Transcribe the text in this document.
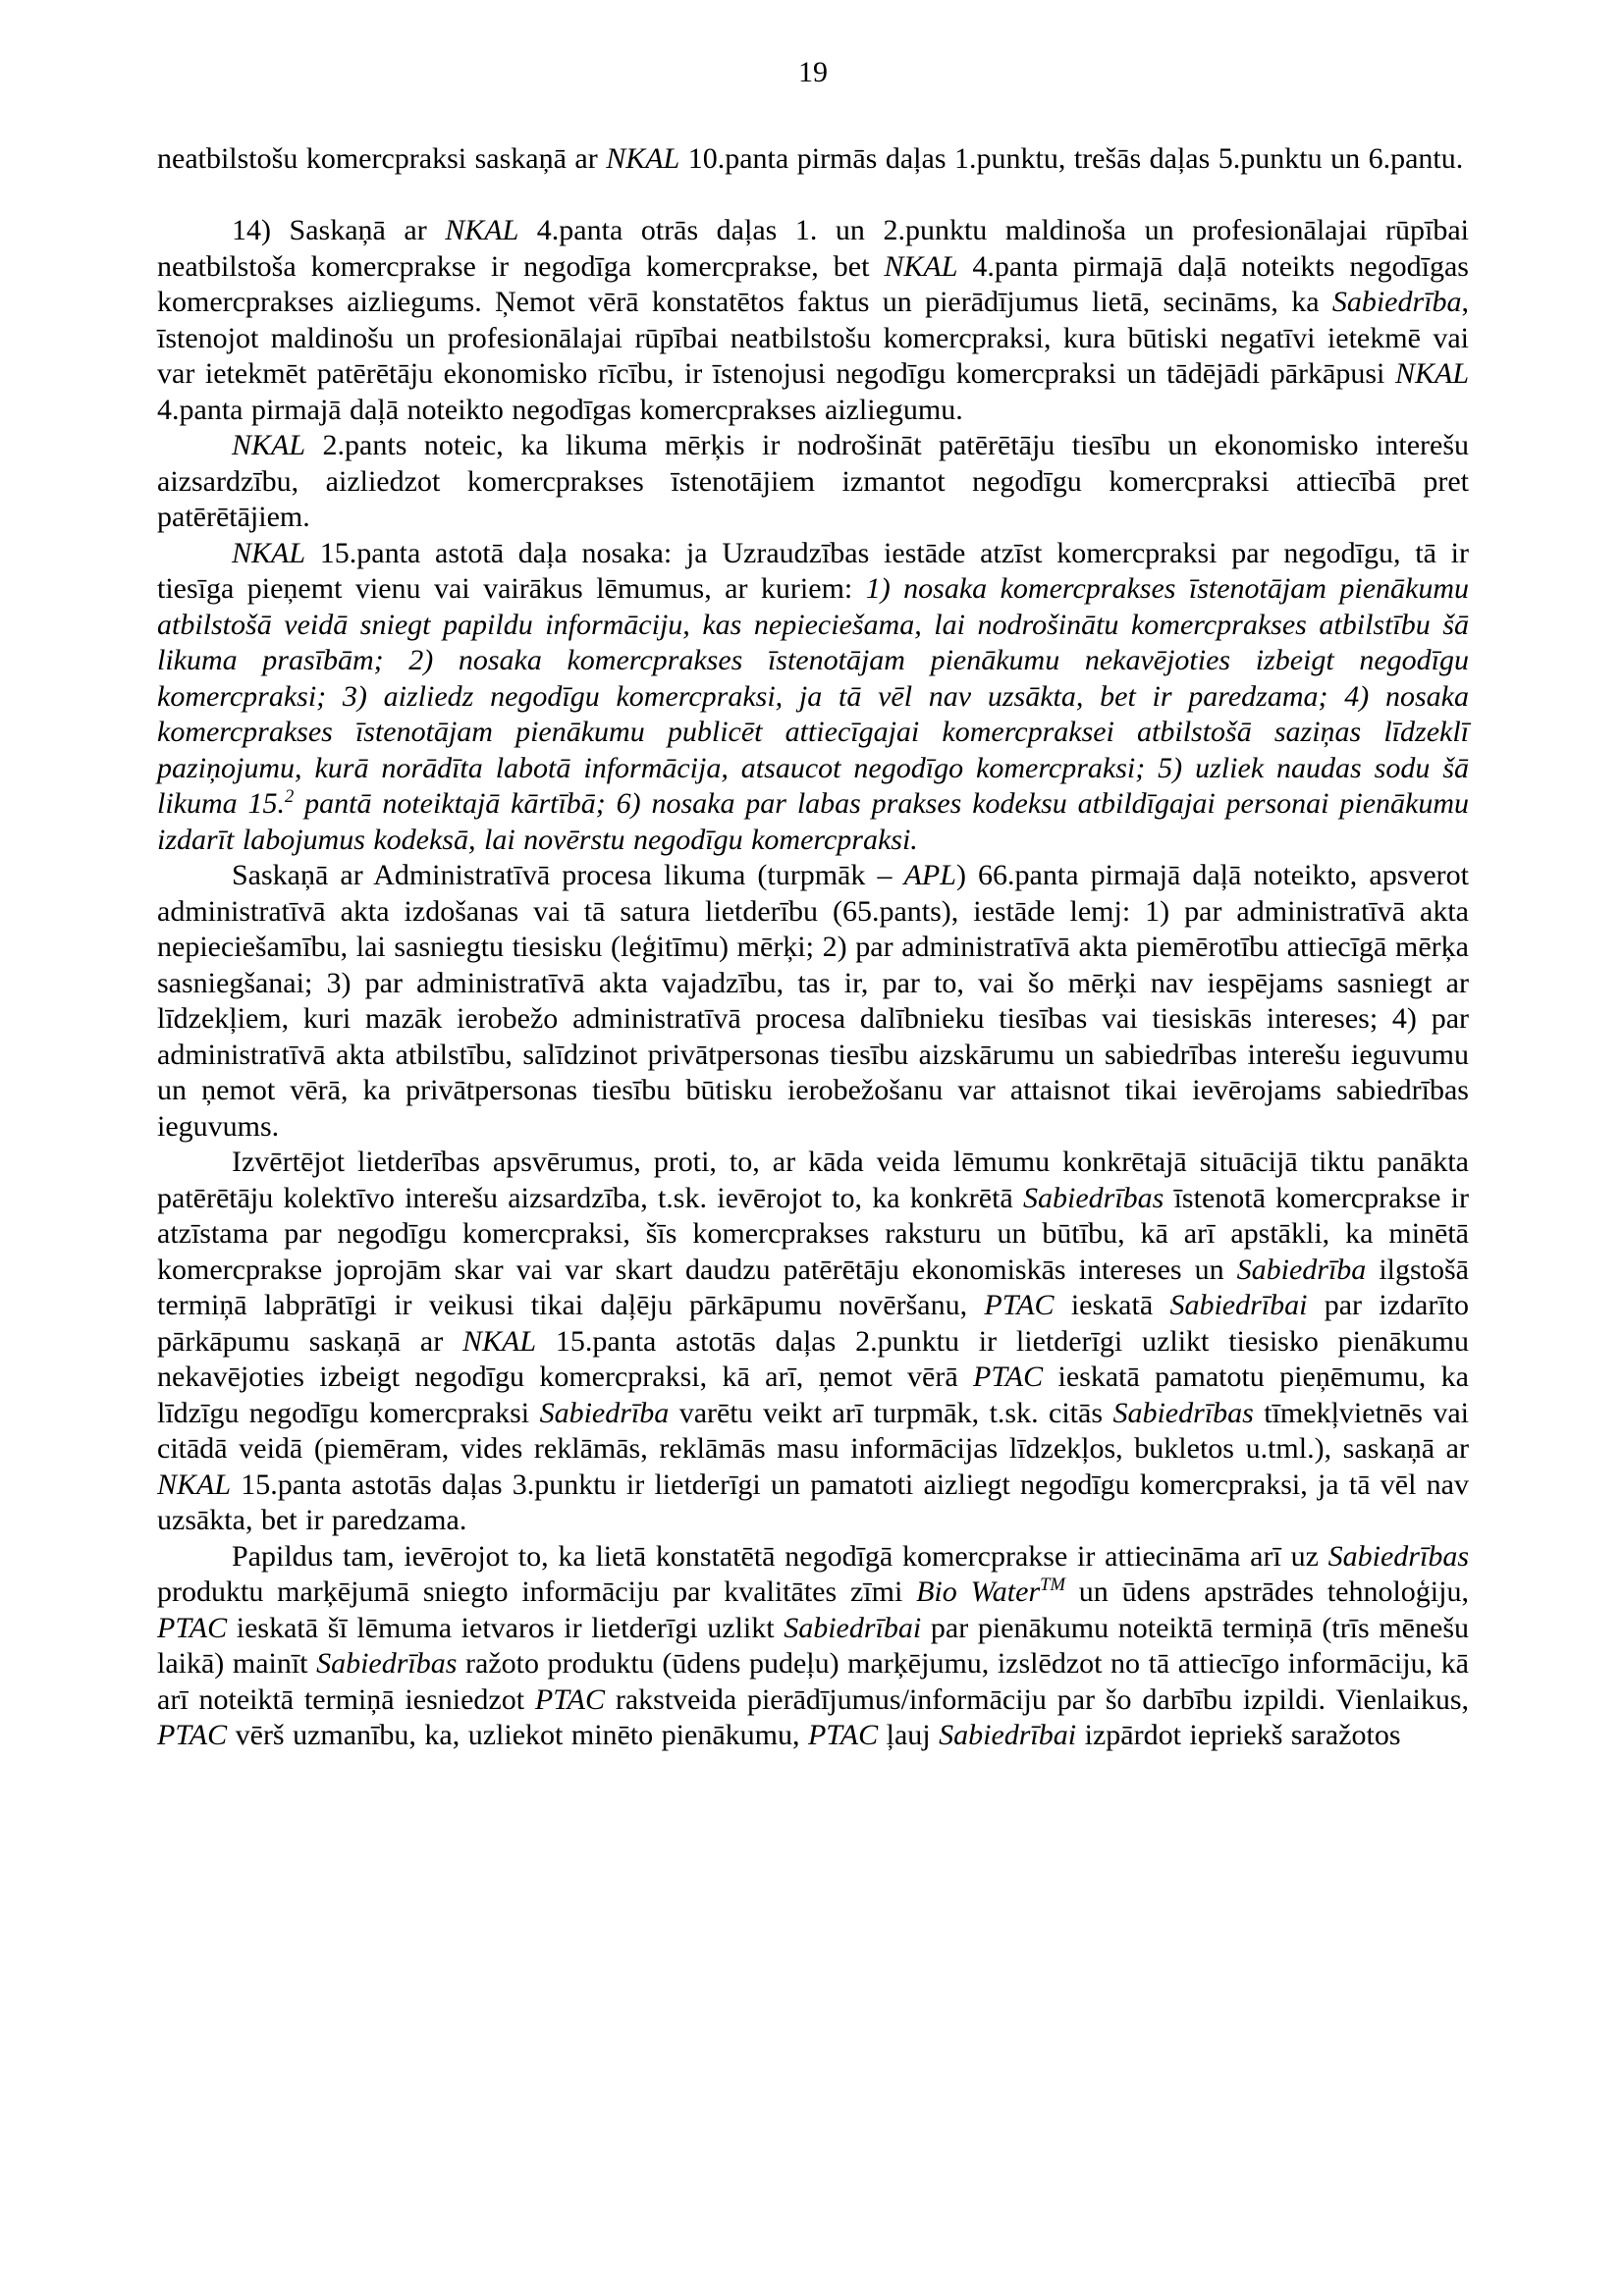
19

neatbilstošu komercpraksi saskaņā ar NKAL 10.panta pirmās daļas 1.punktu, trešās daļas 5.punktu un 6.pantu.

14) Saskaņā ar NKAL 4.panta otrās daļas 1. un 2.punktu maldinoša un profesionālajai rūpībai neatbilstoša komercprakse ir negodīga komercprakse, bet NKAL 4.panta pirmajā daļā noteikts negodīgas komercprakses aizliegums. Ņemot vērā konstatētos faktus un pierādījumus lietā, secināms, ka Sabiedrība, īstenojot maldinošu un profesionālajai rūpībai neatbilstošu komercpraksi, kura būtiski negatīvi ietekmē vai var ietekmēt patērētāju ekonomisko rīcību, ir īstenojusi negodīgu komercpraksi un tādējādi pārkāpusi NKAL 4.panta pirmajā daļā noteikto negodīgas komercprakses aizliegumu.

NKAL 2.pants noteic, ka likuma mērķis ir nodrošināt patērētāju tiesību un ekonomisko interešu aizsardzību, aizliedzot komercprakses īstenotājiem izmantot negodīgu komercpraksi attiecībā pret patērētājiem.

NKAL 15.panta astotā daļa nosaka: ja Uzraudzības iestāde atzīst komercpraksi par negodīgu, tā ir tiesīga pieņemt vienu vai vairākus lēmumus, ar kuriem: 1) nosaka komercprakses īstenotājam pienākumu atbilstošā veidā sniegt papildu informāciju, kas nepieciešama, lai nodrošinātu komercprakses atbilstību šā likuma prasībām; 2) nosaka komercprakses īstenotājam pienākumu nekavējoties izbeigt negodīgu komercpraksi; 3) aizliedz negodīgu komercpraksi, ja tā vēl nav uzsākta, bet ir paredzama; 4) nosaka komercprakses īstenotājam pienākumu publicēt attiecīgajai komercpraksei atbilstošā saziņas līdzeklī paziņojumu, kurā norādīta labotā informācija, atsaucot negodīgo komercpraksi; 5) uzliek naudas sodu šā likuma 15.$^2$ pantā noteiktajā kārtībā; 6) nosaka par labas prakses kodeksu atbildīgajai personai pienākumu izdarīt labojumus kodeksā, lai novērstu negodīgu komercpraksi.

Saskaņā ar Administratīvā procesa likuma (turpmāk – APL) 66.panta pirmajā daļā noteikto, apsverot administratīvā akta izdošanas vai tā satura lietderību (65.pants), iestāde lemj: 1) par administratīvā akta nepieciešamību, lai sasniegtu tiesisku (leģitīmu) mērķi; 2) par administratīvā akta piemērotību attiecīgā mērķa sasniegšanai; 3) par administratīvā akta vajadzību, tas ir, par to, vai šo mērķi nav iespējams sasniegt ar līdzekļiem, kuri mazāk ierobežo administratīvā procesa dalībnieku tiesības vai tiesiskās intereses; 4) par administratīvā akta atbilstību, salīdzinot privātpersonas tiesību aizskārumu un sabiedrības interešu ieguvumu un ņemot vērā, ka privātpersonas tiesību būtisku ierobežošanu var attaisnot tikai ievērojams sabiedrības ieguvums.

Izvērtējot lietderības apsvērumus, proti, to, ar kāda veida lēmumu konkrētajā situācijā tiktu panākta patērētāju kolektīvo interešu aizsardzība, t.sk. ievērojot to, ka konkrētā Sabiedrības īstenotā komercprakse ir atzīstama par negodīgu komercpraksi, šīs komercprakses raksturu un būtību, kā arī apstākli, ka minētā komercprakse joprojām skar vai var skart daudzu patērētāju ekonomiskās intereses un Sabiedrība ilgstošā termiņā labprātīgi ir veikusi tikai daļēju pārkāpumu novēršanu, PTAC ieskatā Sabiedrībai par izdarīto pārkāpumu saskaņā ar NKAL 15.panta astotās daļas 2.punktu ir lietderīgi uzlikt tiesisko pienākumu nekavējoties izbeigt negodīgu komercpraksi, kā arī, ņemot vērā PTAC ieskatā pamatotu pieņēmumu, ka līdzīgu negodīgu komercpraksi Sabiedrība varētu veikt arī turpmāk, t.sk. citās Sabiedrības tīmekļvietnēs vai citādā veidā (piemēram, vides reklāmās, reklāmās masu informācijas līdzekļos, bukletos u.tml.), saskaņā ar NKAL 15.panta astotās daļas 3.punktu ir lietderīgi un pamatoti aizliegt negodīgu komercpraksi, ja tā vēl nav uzsākta, bet ir paredzama.

Papildus tam, ievērojot to, ka lietā konstatētā negodīgā komercprakse ir attiecināma arī uz Sabiedrības produktu marķējumā sniegto informāciju par kvalitātes zīmi Bio Water™ un ūdens apstrādes tehnoloģiju, PTAC ieskatā šī lēmuma ietvaros ir lietderīgi uzlikt Sabiedrībai par pienākumu noteiktā termiņā (trīs mēnešu laikā) mainīt Sabiedrības ražoto produktu (ūdens pudeļu) marķējumu, izslēdzot no tā attiecīgo informāciju, kā arī noteiktā termiņā iesniedzot PTAC rakstveida pierādījumus/informāciju par šo darbību izpildi. Vienlaikus, PTAC vērš uzmanību, ka, uzliekot minēto pienākumu, PTAC ļauj Sabiedrībai izpārdot iepriekš saražotos
